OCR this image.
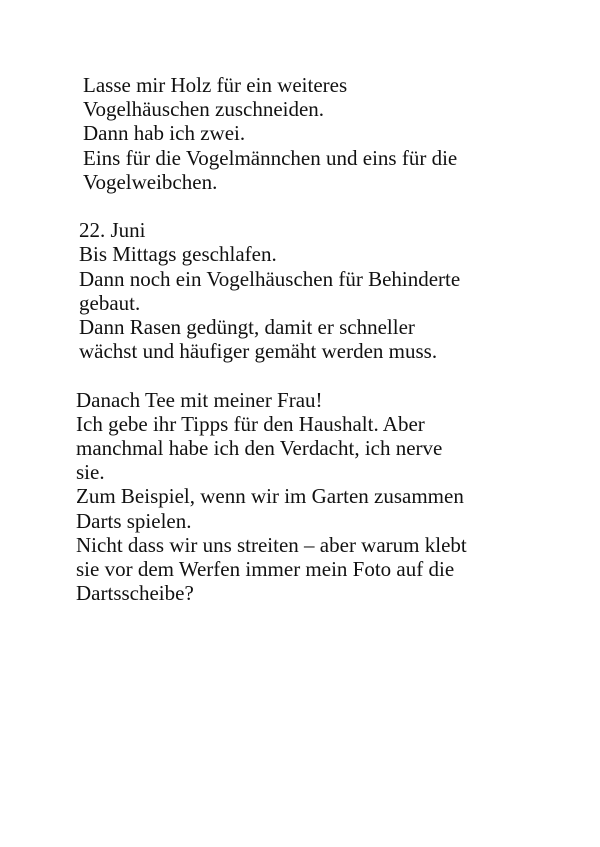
Lasse mir Holz für ein weiteres
Vogelhäuschen zuschneiden.
Dann hab ich zwei.
Eins für die Vogelmännchen und eins für die
Vogelweibchen.
22. Juni
Bis Mittags geschlafen.
Dann noch ein Vogelhäuschen für Behinderte
gebaut.
Dann Rasen gedüngt, damit er schneller
wächst und häufiger gemäht werden muss.
Danach Tee mit meiner Frau!
Ich gebe ihr Tipps für den Haushalt. Aber
manchmal habe ich den Verdacht, ich nerve
sie.
Zum Beispiel, wenn wir im Garten zusammen
Darts spielen.
Nicht dass wir uns streiten – aber warum klebt
sie vor dem Werfen immer mein Foto auf die
Dartsscheibe?
